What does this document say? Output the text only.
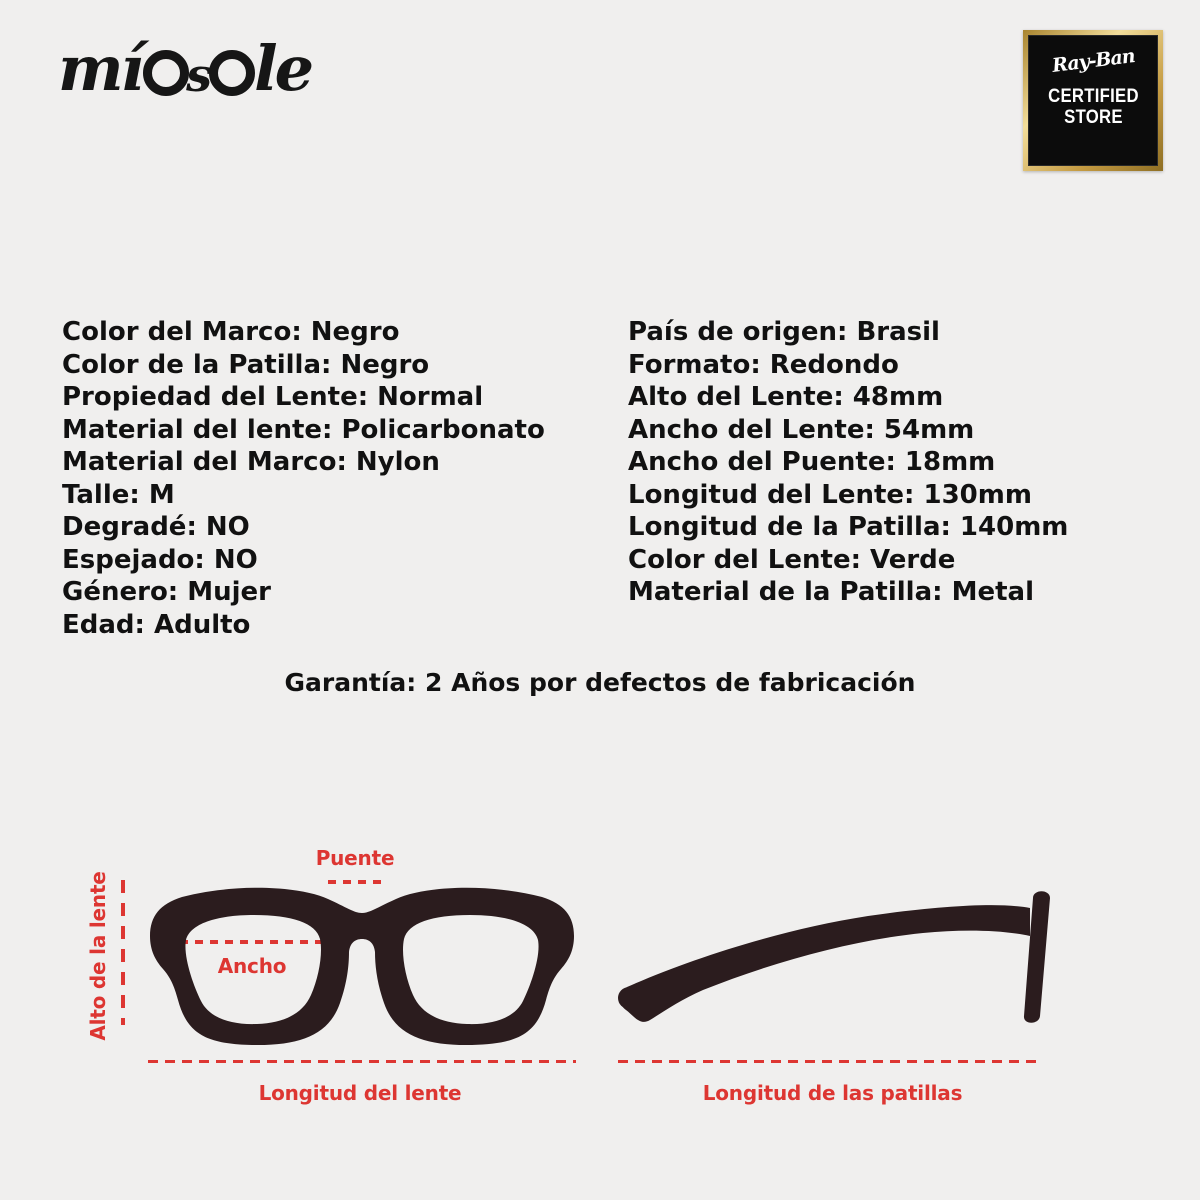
mí s le	Ray-Ban
CERTIFIED
STORE
Color del Marco: Negro
Color de la Patilla: Negro
Propiedad del Lente: Normal
Material del lente: Policarbonato
Material del Marco: Nylon
Talle: M
Degradé: NO
Espejado: NO
Género: Mujer
Edad: Adulto
País de origen: Brasil
Formato: Redondo
Alto del Lente: 48mm
Ancho del Lente: 54mm
Ancho del Puente: 18mm
Longitud del Lente: 130mm
Longitud de la Patilla: 140mm
Color del Lente: Verde
Material de la Patilla: Metal
Garantía: 2 Años por defectos de fabricación
Puente
Alto de la lente	Ancho
Longitud del lente	Longitud de las patillas
